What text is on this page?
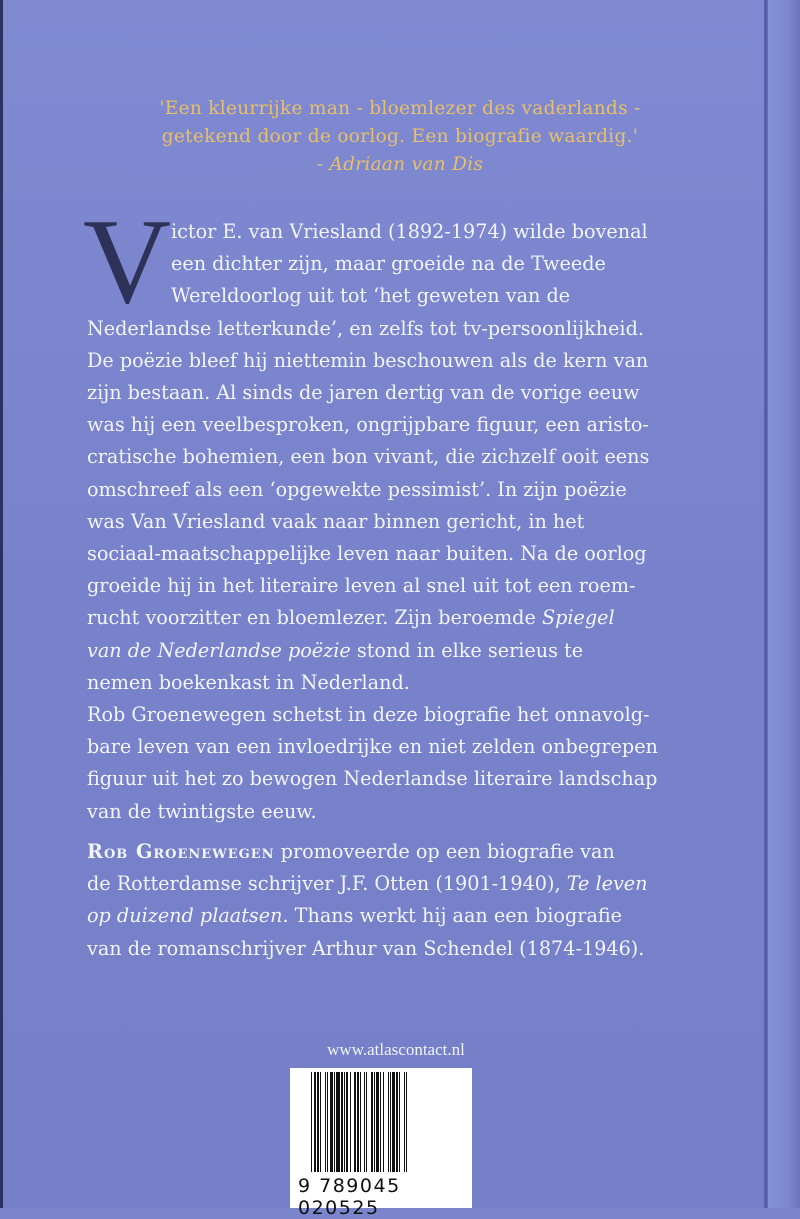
'Een kleurrijke man - bloemlezer des vaderlands -
getekend door de oorlog. Een biografie waardig.'
- Adriaan van Dis
V ictor E. van Vriesland (1892-1974) wilde bovenal
een dichter zijn, maar groeide na de Tweede
Wereldoorlog uit tot ‘het geweten van de
Nederlandse letterkunde’, en zelfs tot tv-persoonlijkheid.
De poëzie bleef hij niettemin beschouwen als de kern van
zijn bestaan. Al sinds de jaren dertig van de vorige eeuw
was hij een veelbesproken, ongrijpbare figuur, een aristo-
cratische bohemien, een bon vivant, die zichzelf ooit eens
omschreef als een ‘opgewekte pessimist’. In zijn poëzie
was Van Vriesland vaak naar binnen gericht, in het
sociaal-maatschappelijke leven naar buiten. Na de oorlog
groeide hij in het literaire leven al snel uit tot een roem-
rucht voorzitter en bloemlezer. Zijn beroemde Spiegel
van de Nederlandse poëzie stond in elke serieus te
nemen boekenkast in Nederland.
Rob Groenewegen schetst in deze biografie het onnavolg-
bare leven van een invloedrijke en niet zelden onbegrepen
figuur uit het zo bewogen Nederlandse literaire landschap
van de twintigste eeuw.
Rob Groenewegen promoveerde op een biografie van
de Rotterdamse schrijver J.F. Otten (1901-1940), Te leven
op duizend plaatsen. Thans werkt hij aan een biografie
van de romanschrijver Arthur van Schendel (1874-1946).
www.atlascontact.nl
9 789045 020525
